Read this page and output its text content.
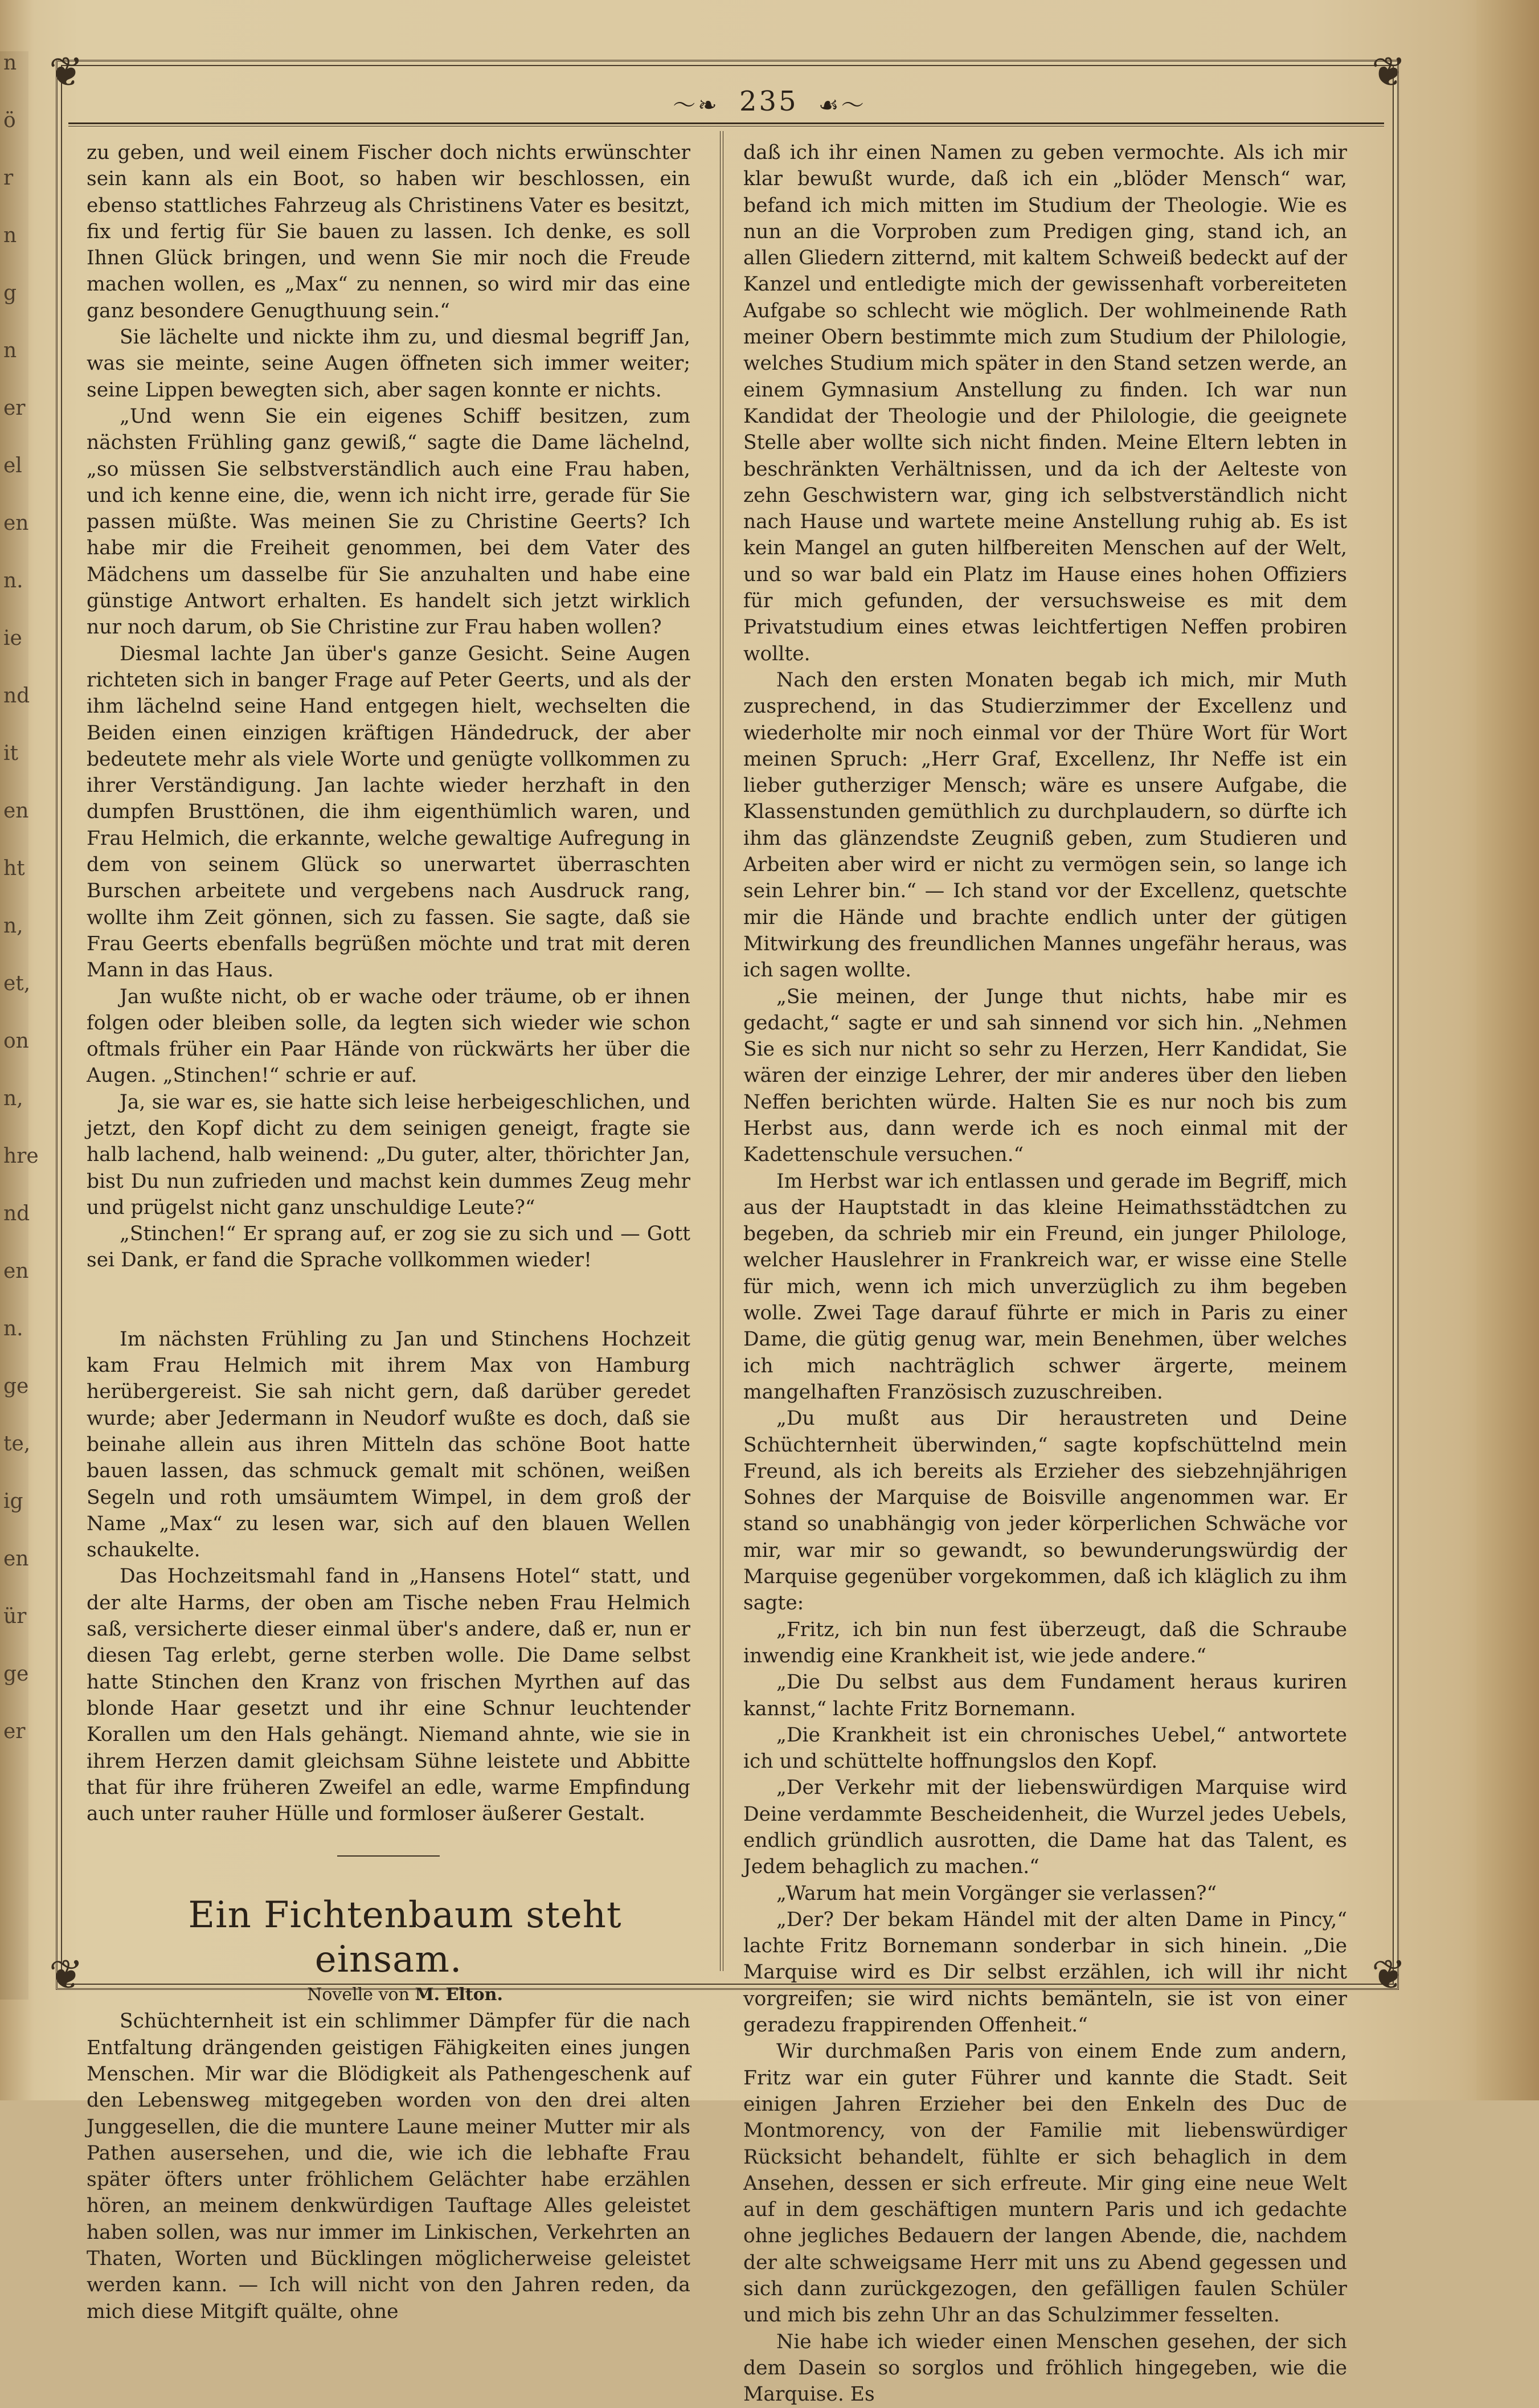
n
ö
r
n
g
n
er
el
en
n.
ie
nd
it
en
ht
n,
et,
on
n,
hre
nd
en
n.
ge
te,
ig
en
ür
ge
er
❦	❦
❦	❦
〜❧ 235 ☙〜

zu geben, und weil einem Fischer doch nichts erwünschter sein kann als ein Boot, so haben wir beschlossen, ein ebenso stattliches Fahrzeug als Christinens Vater es besitzt, fix und fertig für Sie bauen zu lassen. Ich denke, es soll Ihnen Glück bringen, und wenn Sie mir noch die Freude machen wollen, es „Max“ zu nennen, so wird mir das eine ganz besondere Genugthuung sein.“

Sie lächelte und nickte ihm zu, und diesmal begriff Jan, was sie meinte, seine Augen öffneten sich immer weiter; seine Lippen bewegten sich, aber sagen konnte er nichts.

„Und wenn Sie ein eigenes Schiff besitzen, zum nächsten Frühling ganz gewiß,“ sagte die Dame lächelnd, „so müssen Sie selbstverständlich auch eine Frau haben, und ich kenne eine, die, wenn ich nicht irre, gerade für Sie passen müßte. Was meinen Sie zu Christine Geerts? Ich habe mir die Freiheit genommen, bei dem Vater des Mädchens um dasselbe für Sie anzuhalten und habe eine günstige Antwort erhalten. Es handelt sich jetzt wirklich nur noch darum, ob Sie Christine zur Frau haben wollen?

Diesmal lachte Jan über's ganze Gesicht. Seine Augen richteten sich in banger Frage auf Peter Geerts, und als der ihm lächelnd seine Hand entgegen hielt, wechselten die Beiden einen einzigen kräftigen Händedruck, der aber bedeutete mehr als viele Worte und genügte vollkommen zu ihrer Verständigung. Jan lachte wieder herzhaft in den dumpfen Brusttönen, die ihm eigenthümlich waren, und Frau Helmich, die erkannte, welche gewaltige Aufregung in dem von seinem Glück so unerwartet überraschten Burschen arbeitete und vergebens nach Ausdruck rang, wollte ihm Zeit gönnen, sich zu fassen. Sie sagte, daß sie Frau Geerts ebenfalls begrüßen möchte und trat mit deren Mann in das Haus.

Jan wußte nicht, ob er wache oder träume, ob er ihnen folgen oder bleiben solle, da legten sich wieder wie schon oftmals früher ein Paar Hände von rückwärts her über die Augen. „Stinchen!“ schrie er auf.

Ja, sie war es, sie hatte sich leise herbeigeschlichen, und jetzt, den Kopf dicht zu dem seinigen geneigt, fragte sie halb lachend, halb weinend: „Du guter, alter, thörichter Jan, bist Du nun zufrieden und machst kein dummes Zeug mehr und prügelst nicht ganz unschuldige Leute?“

„Stinchen!“ Er sprang auf, er zog sie zu sich und — Gott sei Dank, er fand die Sprache vollkommen wieder!

Im nächsten Frühling zu Jan und Stinchens Hochzeit kam Frau Helmich mit ihrem Max von Hamburg herübergereist. Sie sah nicht gern, daß darüber geredet wurde; aber Jedermann in Neudorf wußte es doch, daß sie beinahe allein aus ihren Mitteln das schöne Boot hatte bauen lassen, das schmuck gemalt mit schönen, weißen Segeln und roth umsäumtem Wimpel, in dem groß der Name „Max“ zu lesen war, sich auf den blauen Wellen schaukelte.

Das Hochzeitsmahl fand in „Hansens Hotel“ statt, und der alte Harms, der oben am Tische neben Frau Helmich saß, versicherte dieser einmal über's andere, daß er, nun er diesen Tag erlebt, gerne sterben wolle. Die Dame selbst hatte Stinchen den Kranz von frischen Myrthen auf das blonde Haar gesetzt und ihr eine Schnur leuchtender Korallen um den Hals gehängt. Niemand ahnte, wie sie in ihrem Herzen damit gleichsam Sühne leistete und Abbitte that für ihre früheren Zweifel an edle, warme Empfindung auch unter rauher Hülle und formloser äußerer Gestalt.

Ein Fichtenbaum steht einsam.

Novelle von M. Elton.

Schüchternheit ist ein schlimmer Dämpfer für die nach Entfaltung drängenden geistigen Fähigkeiten eines jungen Menschen. Mir war die Blödigkeit als Pathengeschenk auf den Lebensweg mitgegeben worden von den drei alten Junggesellen, die die muntere Laune meiner Mutter mir als Pathen ausersehen, und die, wie ich die lebhafte Frau später öfters unter fröhlichem Gelächter habe erzählen hören, an meinem denkwürdigen Tauftage Alles geleistet haben sollen, was nur immer im Linkischen, Verkehrten an Thaten, Worten und Bücklingen möglicherweise geleistet werden kann. — Ich will nicht von den Jahren reden, da mich diese Mitgift quälte, ohne

daß ich ihr einen Namen zu geben vermochte. Als ich mir klar bewußt wurde, daß ich ein „blöder Mensch“ war, befand ich mich mitten im Studium der Theologie. Wie es nun an die Vorproben zum Predigen ging, stand ich, an allen Gliedern zitternd, mit kaltem Schweiß bedeckt auf der Kanzel und entledigte mich der gewissenhaft vorbereiteten Aufgabe so schlecht wie möglich. Der wohlmeinende Rath meiner Obern bestimmte mich zum Studium der Philologie, welches Studium mich später in den Stand setzen werde, an einem Gymnasium Anstellung zu finden. Ich war nun Kandidat der Theologie und der Philologie, die geeignete Stelle aber wollte sich nicht finden. Meine Eltern lebten in beschränkten Verhältnissen, und da ich der Aelteste von zehn Geschwistern war, ging ich selbstverständlich nicht nach Hause und wartete meine Anstellung ruhig ab. Es ist kein Mangel an guten hilfbereiten Menschen auf der Welt, und so war bald ein Platz im Hause eines hohen Offiziers für mich gefunden, der versuchsweise es mit dem Privatstudium eines etwas leichtfertigen Neffen probiren wollte.

Nach den ersten Monaten begab ich mich, mir Muth zusprechend, in das Studierzimmer der Excellenz und wiederholte mir noch einmal vor der Thüre Wort für Wort meinen Spruch: „Herr Graf, Excellenz, Ihr Neffe ist ein lieber gutherziger Mensch; wäre es unsere Aufgabe, die Klassenstunden gemüthlich zu durchplaudern, so dürfte ich ihm das glänzendste Zeugniß geben, zum Studieren und Arbeiten aber wird er nicht zu vermögen sein, so lange ich sein Lehrer bin.“ — Ich stand vor der Excellenz, quetschte mir die Hände und brachte endlich unter der gütigen Mitwirkung des freundlichen Mannes ungefähr heraus, was ich sagen wollte.

„Sie meinen, der Junge thut nichts, habe mir es gedacht,“ sagte er und sah sinnend vor sich hin. „Nehmen Sie es sich nur nicht so sehr zu Herzen, Herr Kandidat, Sie wären der einzige Lehrer, der mir anderes über den lieben Neffen berichten würde. Halten Sie es nur noch bis zum Herbst aus, dann werde ich es noch einmal mit der Kadettenschule versuchen.“

Im Herbst war ich entlassen und gerade im Begriff, mich aus der Hauptstadt in das kleine Heimathsstädtchen zu begeben, da schrieb mir ein Freund, ein junger Philologe, welcher Hauslehrer in Frankreich war, er wisse eine Stelle für mich, wenn ich mich unverzüglich zu ihm begeben wolle. Zwei Tage darauf führte er mich in Paris zu einer Dame, die gütig genug war, mein Benehmen, über welches ich mich nachträglich schwer ärgerte, meinem mangelhaften Französisch zuzuschreiben.

„Du mußt aus Dir heraustreten und Deine Schüchternheit überwinden,“ sagte kopfschüttelnd mein Freund, als ich bereits als Erzieher des siebzehnjährigen Sohnes der Marquise de Boisville angenommen war. Er stand so unabhängig von jeder körperlichen Schwäche vor mir, war mir so gewandt, so bewunderungswürdig der Marquise gegenüber vorgekommen, daß ich kläglich zu ihm sagte:

„Fritz, ich bin nun fest überzeugt, daß die Schraube inwendig eine Krankheit ist, wie jede andere.“

„Die Du selbst aus dem Fundament heraus kuriren kannst,“ lachte Fritz Bornemann.

„Die Krankheit ist ein chronisches Uebel,“ antwortete ich und schüttelte hoffnungslos den Kopf.

„Der Verkehr mit der liebenswürdigen Marquise wird Deine verdammte Bescheidenheit, die Wurzel jedes Uebels, endlich gründlich ausrotten, die Dame hat das Talent, es Jedem behaglich zu machen.“

„Warum hat mein Vorgänger sie verlassen?“

„Der? Der bekam Händel mit der alten Dame in Pincy,“ lachte Fritz Bornemann sonderbar in sich hinein. „Die Marquise wird es Dir selbst erzählen, ich will ihr nicht vorgreifen; sie wird nichts bemänteln, sie ist von einer geradezu frappirenden Offenheit.“

Wir durchmaßen Paris von einem Ende zum andern, Fritz war ein guter Führer und kannte die Stadt. Seit einigen Jahren Erzieher bei den Enkeln des Duc de Montmorency, von der Familie mit liebenswürdiger Rücksicht behandelt, fühlte er sich behaglich in dem Ansehen, dessen er sich erfreute. Mir ging eine neue Welt auf in dem geschäftigen muntern Paris und ich gedachte ohne jegliches Bedauern der langen Abende, die, nachdem der alte schweigsame Herr mit uns zu Abend gegessen und sich dann zurückgezogen, den gefälligen faulen Schüler und mich bis zehn Uhr an das Schulzimmer fesselten.

Nie habe ich wieder einen Menschen gesehen, der sich dem Dasein so sorglos und fröhlich hingegeben, wie die Marquise. Es
